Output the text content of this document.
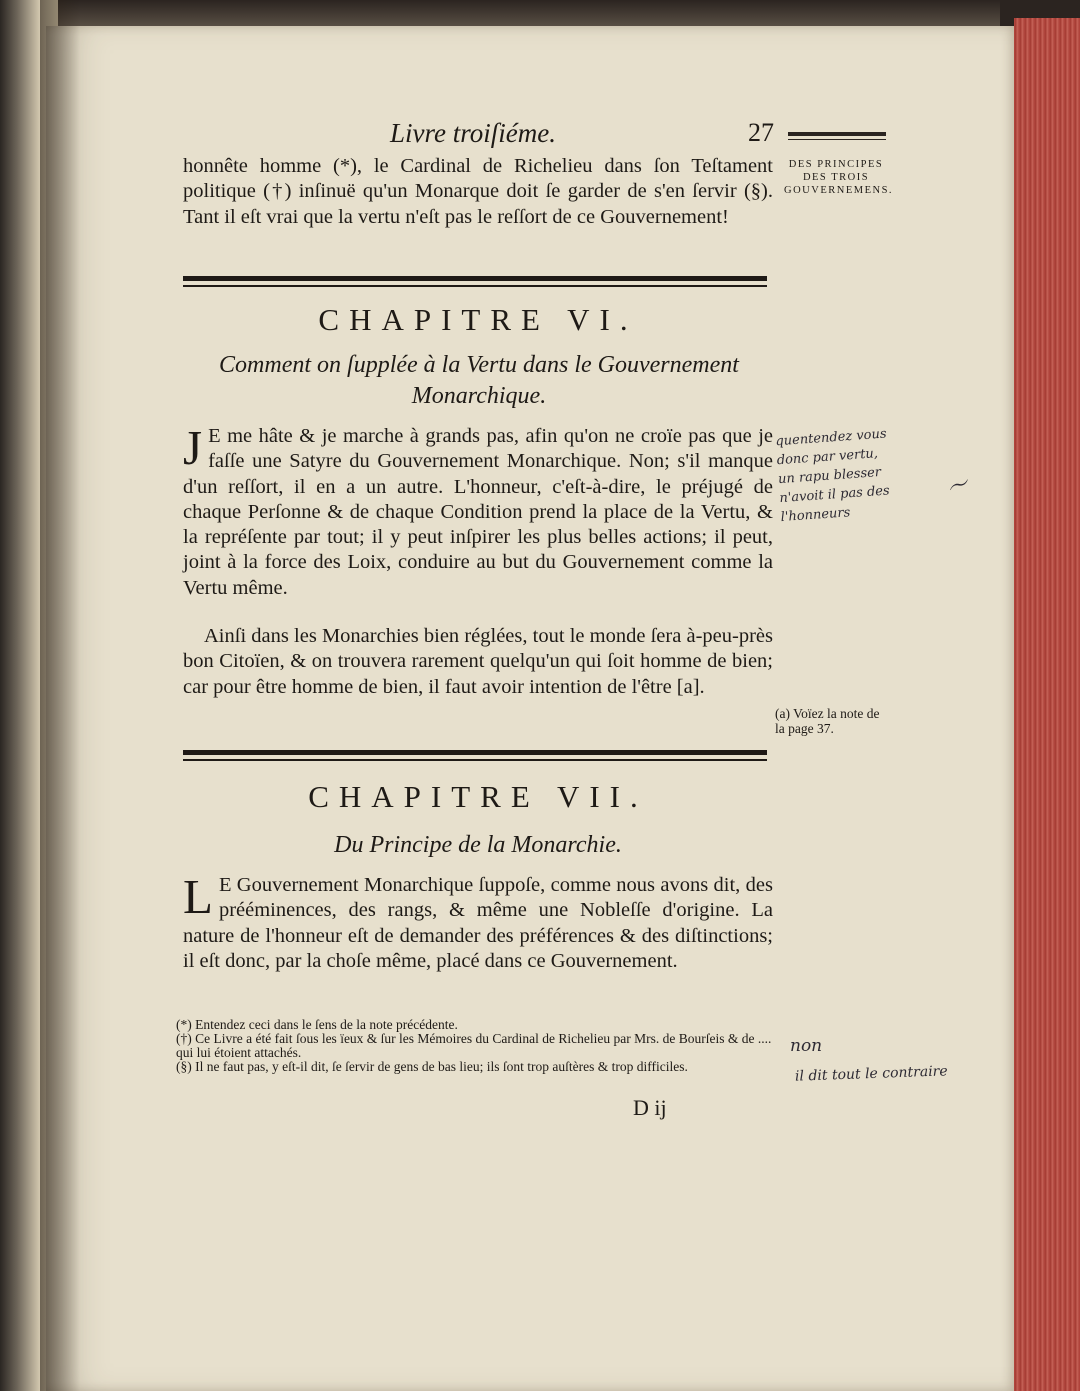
Livre troiſiéme.	27
honnête homme (*), le Cardinal de Richelieu dans ſon Teſtament politique (†) inſinuë qu'un Monarque doit ſe garder de s'en ſervir (§). Tant il eſt vrai que la vertu n'eſt pas le reſſort de ce Gouvernement!
DES PRINCIPES DES TROIS GOUVERNEMENS.
CHAPITRE VI.
Comment on ſupplée à la Vertu dans le Gouvernement Monarchique.
J E me hâte & je marche à grands pas, afin qu'on ne croïe pas que je faſſe une Satyre du Gouvernement Monarchique. Non; s'il manque d'un reſſort, il en a un autre. L'honneur, c'eſt-à-dire, le préjugé de chaque Perſonne & de chaque Condition prend la place de la Vertu, & la repréſente par tout; il y peut inſpirer les plus belles actions; il peut, joint à la force des Loix, conduire au but du Gouvernement comme la Vertu même.
Ainſi dans les Monarchies bien réglées, tout le monde ſera à-peu-près bon Citoïen, & on trouvera rarement quelqu'un qui ſoit homme de bien; car pour être homme de bien, il faut avoir intention de l'être [a].
(a) Voïez la note de la page 37.
CHAPITRE VII.
Du Principe de la Monarchie.
L E Gouvernement Monarchique ſuppoſe, comme nous avons dit, des prééminences, des rangs, & même une Nobleſſe d'origine. La nature de l'honneur eſt de demander des préférences & des diſtinctions; il eſt donc, par la choſe même, placé dans ce Gouvernement.
(*) Entendez ceci dans le ſens de la note précédente.
(†) Ce Livre a été fait ſous les ïeux & ſur les Mémoires du Cardinal de Richelieu par Mrs. de Bourſeis & de .... qui lui étoient attachés.
(§) Il ne faut pas, y eſt-il dit, ſe ſervir de gens de bas lieu; ils ſont trop auſtères & trop difficiles.
D ij
quentendez vous donc par vertu, un rapu blesser n'avoit il pas des l'honneurs
〜
non
il dit tout le contraire
